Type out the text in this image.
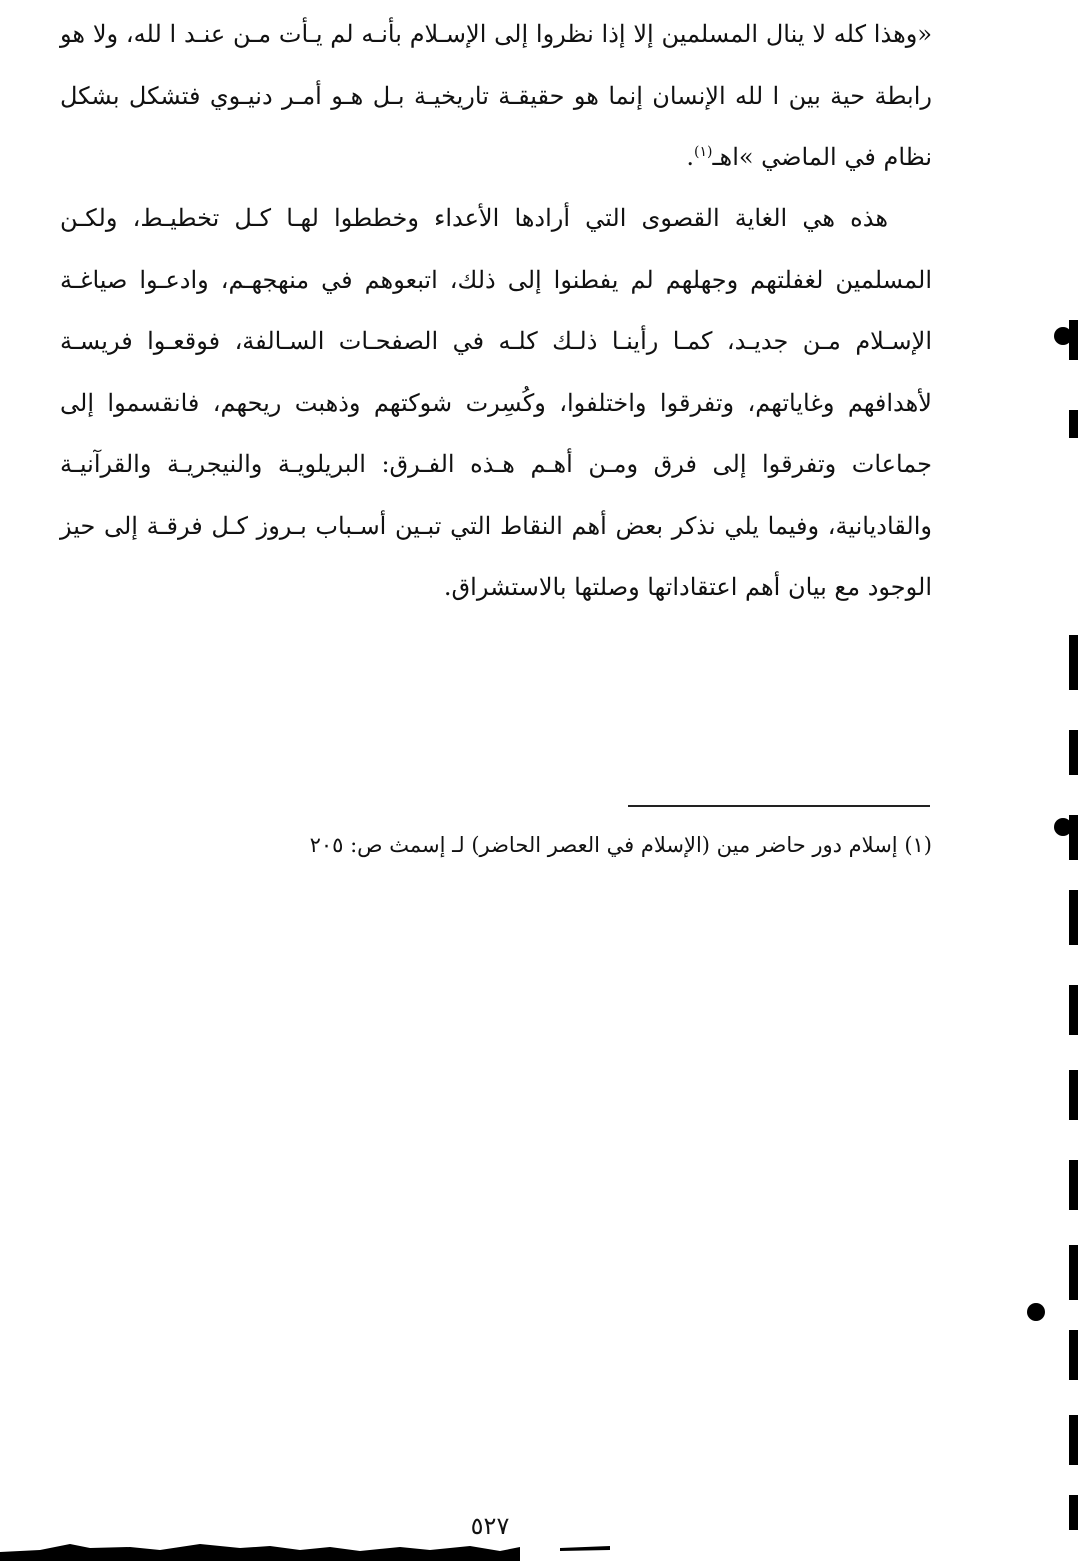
«وهذا كله لا ينال المسلمين إلا إذا نظروا إلى الإسـلام بأنـه لم يـأت مـن عنـد ا لله، ولا هو رابطة حية بين ا لله الإنسان إنما هو حقيقـة تاريخيـة بـل هـو أمـر دنيـوي فتشكل بشكل نظام في الماضي »اهـ$^{(١)}$.
هذه هي الغاية القصوى التي أرادها الأعداء وخططوا لهـا كـل تخطيـط، ولكـن المسلمين لغفلتهم وجهلهم لم يفطنوا إلى ذلك، اتبعوهم في منهجهـم، وادعـوا صياغـة الإسـلام مـن جديـد، كمـا رأينـا ذلـك كلـه في الصفحـات السـالفة، فوقعـوا فريسـة لأهدافهم وغاياتهم، وتفرقوا واختلفوا، وكُسِرت شوكتهم وذهبت ريحهم، فانقسموا إلى جماعات وتفرقوا إلى فرق ومـن أهـم هـذه الفـرق: البريلويـة والنيجريـة والقرآنيـة والقاديانية، وفيما يلي نذكر بعض أهم النقاط التي تبـين أسـباب بـروز كـل فرقـة إلى حيز الوجود مع بيان أهم اعتقاداتها وصلتها بالاستشراق.
(١) إسلام دور حاضر مين (الإسلام في العصر الحاضر) لـ إسمث ص: ٢٠٥
٥٢٧
